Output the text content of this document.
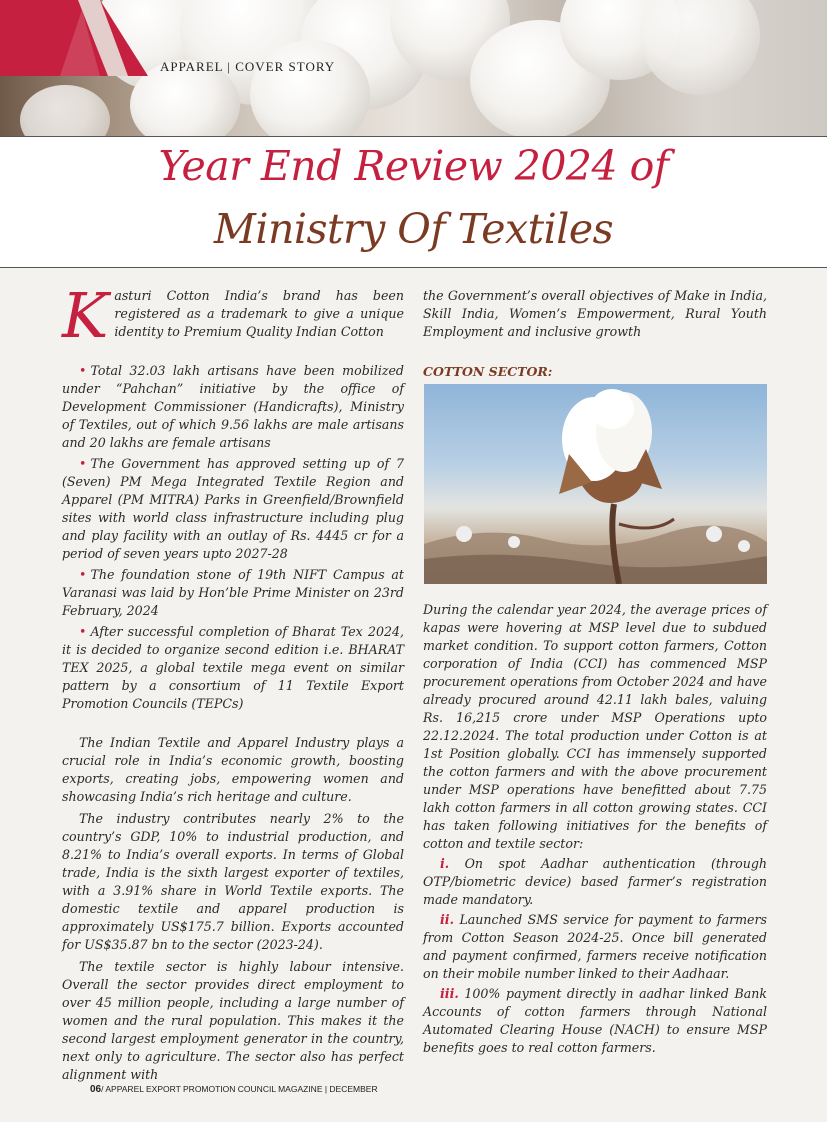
APPAREL | COVER STORY
Year End Review 2024 of
Ministry Of Textiles

Kasturi Cotton India’s brand has been registered as a trademark to give a unique identity to Premium Quality Indian Cotton

• Total 32.03 lakh artisans have been mobilized under “Pahchan” initiative by the office of Development Commissioner (Handicrafts), Ministry of Textiles, out of which 9.56 lakhs are male artisans and 20 lakhs are female artisans

• The Government has approved setting up of 7 (Seven) PM Mega Integrated Textile Region and Apparel (PM MITRA) Parks in Greenfield/Brownfield sites with world class infrastructure including plug and play facility with an outlay of Rs. 4445 cr for a period of seven years upto 2027-28

• The foundation stone of 19th NIFT Campus at Varanasi was laid by Hon’ble Prime Minister on 23rd February, 2024

• After successful completion of Bharat Tex 2024, it is decided to organize second edition i.e. BHARAT TEX 2025, a global textile mega event on similar pattern by a consortium of 11 Textile Export Promotion Councils (TEPCs)

The Indian Textile and Apparel Industry plays a crucial role in India’s economic growth, boosting exports, creating jobs, empowering women and showcasing India’s rich heritage and culture.

The industry contributes nearly 2% to the country’s GDP, 10% to industrial production, and 8.21% to India’s overall exports. In terms of Global trade, India is the sixth largest exporter of textiles, with a 3.91% share in World Textile exports. The domestic textile and apparel production is approximately US$175.7 billion. Exports accounted for US$35.87 bn to the sector (2023-24).

The textile sector is highly labour intensive. Overall the sector provides direct employment to over 45 million people, including a large number of women and the rural population. This makes it the second largest employment generator in the country, next only to agriculture. The sector also has perfect alignment with

the Government’s overall objectives of Make in India, Skill India, Women’s Empowerment, Rural Youth Employment and inclusive growth

COTTON SECTOR:

During the calendar year 2024, the average prices of kapas were hovering at MSP level due to subdued market condition. To support cotton farmers, Cotton corporation of India (CCI) has commenced MSP procurement operations from October 2024 and have already procured around 42.11 lakh bales, valuing Rs. 16,215 crore under MSP Operations upto 22.12.2024. The total production under Cotton is at 1st Position globally. CCI has immensely supported the cotton farmers and with the above procurement under MSP operations have benefitted about 7.75 lakh cotton farmers in all cotton growing states. CCI has taken following initiatives for the benefits of cotton and textile sector:

i. On spot Aadhar authentication (through OTP/biometric device) based farmer’s registration made mandatory.

ii. Launched SMS service for payment to farmers from Cotton Season 2024-25. Once bill generated and payment confirmed, farmers receive notification on their mobile number linked to their Aadhaar.

iii. 100% payment directly in aadhar linked Bank Accounts of cotton farmers through National Automated Clearing House (NACH) to ensure MSP benefits goes to real cotton farmers.

06/ APPAREL EXPORT PROMOTION COUNCIL MAGAZINE | DECEMBER
